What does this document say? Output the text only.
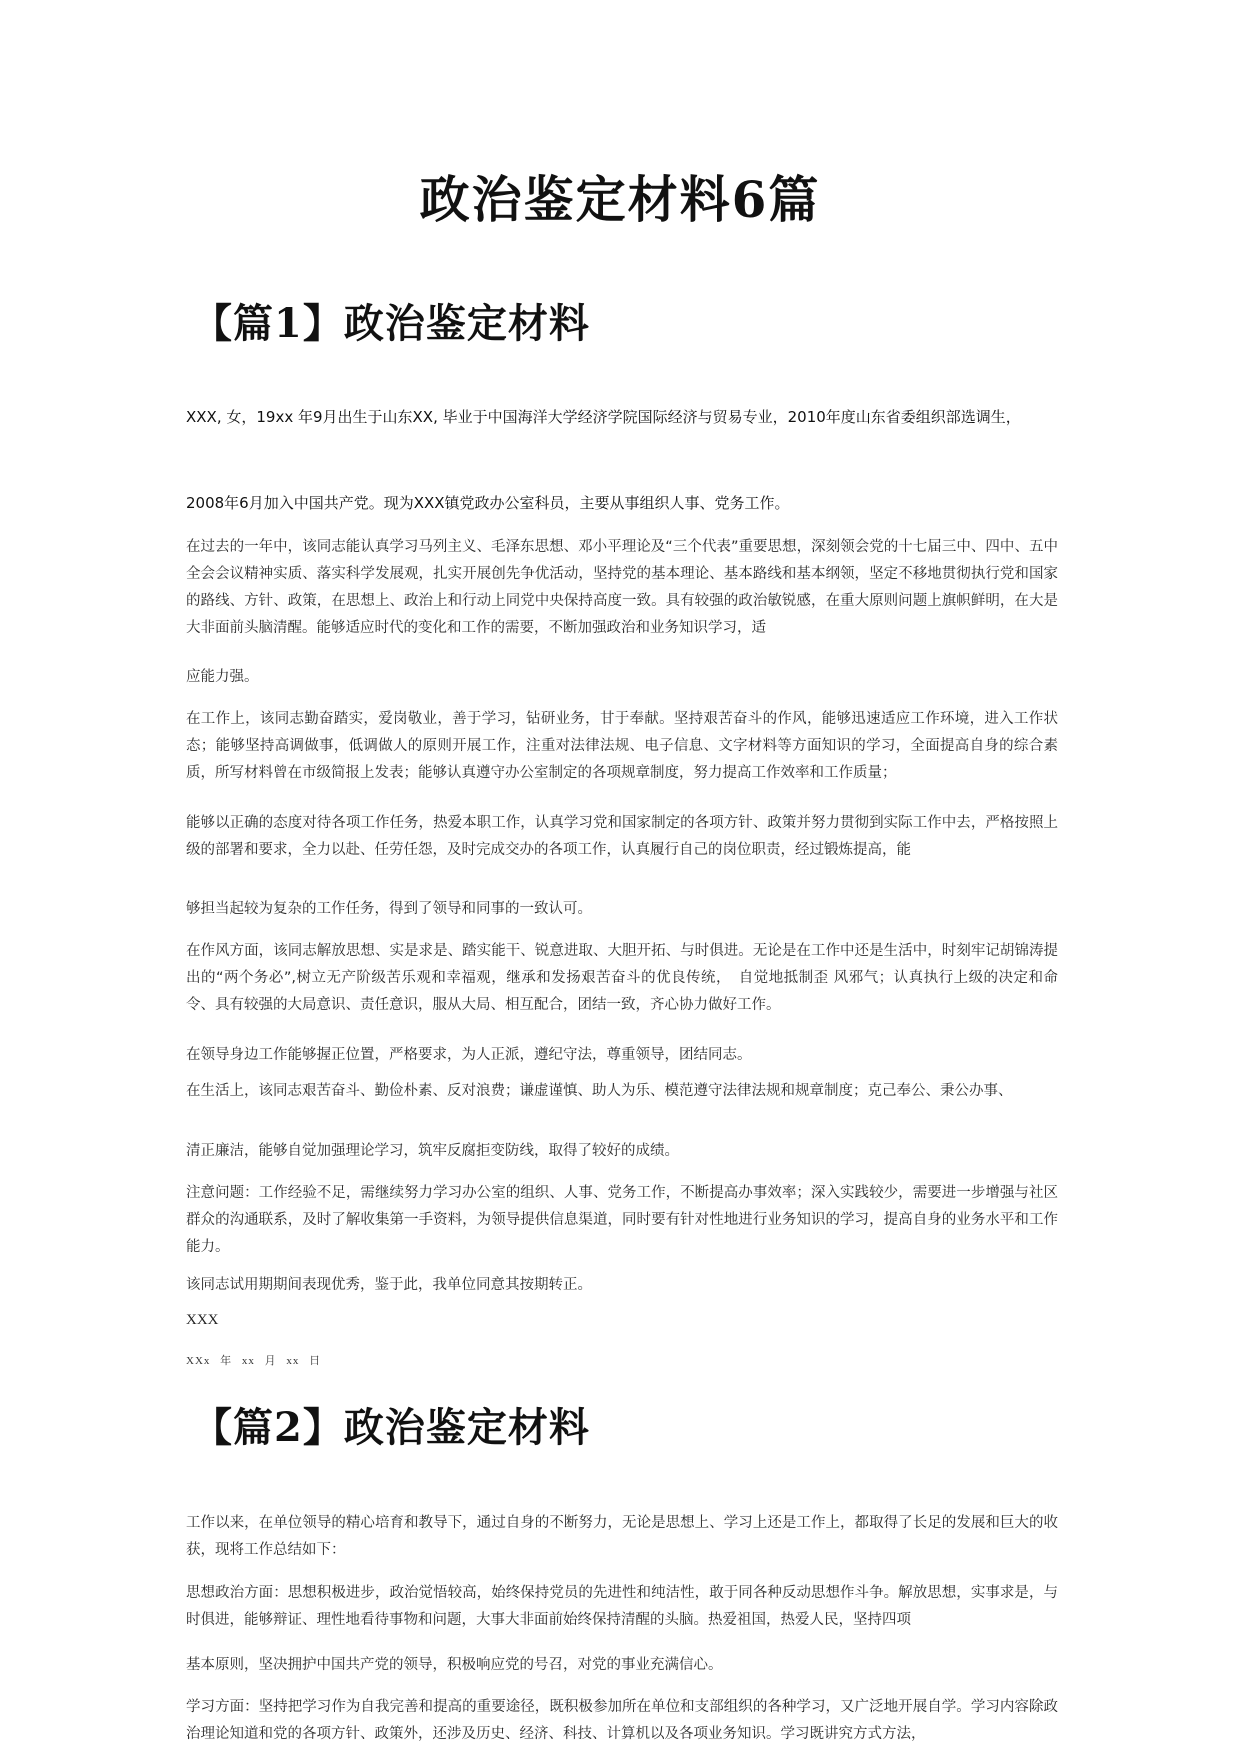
政治鉴定材料6篇
【篇1】政治鉴定材料

XXX, 女，19xx 年9月出生于山东XX, 毕业于中国海洋大学经济学院国际经济与贸易专业，2010年度山东省委组织部选调生，

2008年6月加入中国共产党。现为XXX镇党政办公室科员，主要从事组织人事、党务工作。

在过去的一年中，该同志能认真学习马列主义、毛泽东思想、邓小平理论及“三个代表”重要思想，深刻领会党的十七届三中、四中、五中全会会议精神实质、落实科学发展观，扎实开展创先争优活动，坚持党的基本理论、基本路线和基本纲领，坚定不移地贯彻执行党和国家的路线、方针、政策，在思想上、政治上和行动上同党中央保持高度一致。具有较强的政治敏锐感，在重大原则问题上旗帜鲜明，在大是大非面前头脑清醒。能够适应时代的变化和工作的需要，不断加强政治和业务知识学习，适

应能力强。

在工作上，该同志勤奋踏实，爱岗敬业，善于学习，钻研业务，甘于奉献。坚持艰苦奋斗的作风，能够迅速适应工作环境，进入工作状态；能够坚持高调做事，低调做人的原则开展工作，注重对法律法规、电子信息、文字材料等方面知识的学习，全面提高自身的综合素质，所写材料曾在市级简报上发表；能够认真遵守办公室制定的各项规章制度，努力提高工作效率和工作质量；

能够以正确的态度对待各项工作任务，热爱本职工作，认真学习党和国家制定的各项方针、政策并努力贯彻到实际工作中去，严格按照上级的部署和要求，全力以赴、任劳任怨，及时完成交办的各项工作，认真履行自己的岗位职责，经过锻炼提高，能

够担当起较为复杂的工作任务，得到了领导和同事的一致认可。

在作风方面，该同志解放思想、实是求是、踏实能干、锐意进取、大胆开拓、与时俱进。无论是在工作中还是生活中，时刻牢记胡锦涛提出的“两个务必”,树立无产阶级苦乐观和幸福观，继承和发扬艰苦奋斗的优良传统，　自觉地抵制歪 风邪气；认真执行上级的决定和命令、具有较强的大局意识、责任意识，服从大局、相互配合，团结一致，齐心协力做好工作。

在领导身边工作能够握正位置，严格要求，为人正派，遵纪守法，尊重领导，团结同志。

在生活上，该同志艰苦奋斗、勤俭朴素、反对浪费；谦虚谨慎、助人为乐、模范遵守法律法规和规章制度；克己奉公、秉公办事、

清正廉洁，能够自觉加强理论学习，筑牢反腐拒变防线，取得了较好的成绩。

注意问题：工作经验不足，需继续努力学习办公室的组织、人事、党务工作，不断提高办事效率；深入实践较少，需要进一步增强与社区群众的沟通联系，及时了解收集第一手资料，为领导提供信息渠道，同时要有针对性地进行业务知识的学习，提高自身的业务水平和工作能力。

该同志试用期期间表现优秀，鉴于此，我单位同意其按期转正。

XXX

XXx 年 xx 月 xx 日

【篇2】政治鉴定材料

工作以来，在单位领导的精心培育和教导下，通过自身的不断努力，无论是思想上、学习上还是工作上，都取得了长足的发展和巨大的收获，现将工作总结如下：

思想政治方面：思想积极进步，政治觉悟较高，始终保持党员的先进性和纯洁性，敢于同各种反动思想作斗争。解放思想，实事求是，与时俱进，能够辩证、理性地看待事物和问题，大事大非面前始终保持清醒的头脑。热爱祖国，热爱人民，坚持四项

基本原则，坚决拥护中国共产党的领导，积极响应党的号召，对党的事业充满信心。

学习方面：坚持把学习作为自我完善和提高的重要途径，既积极参加所在单位和支部组织的各种学习，又广泛地开展自学。学习内容除政治理论知道和党的各项方针、政策外，还涉及历史、经济、科技、计算机以及各项业务知识。学习既讲究方式方法，
